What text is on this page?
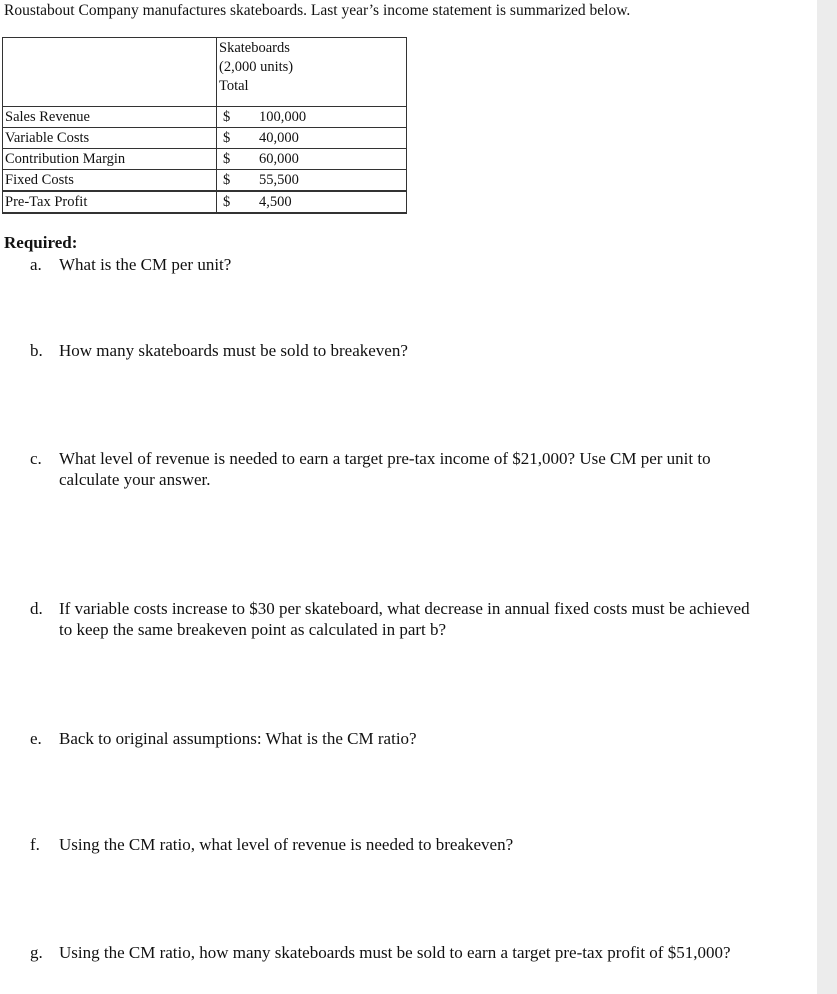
Roustabout Company manufactures skateboards. Last year’s income statement is summarized below.

	Skateboards
(2,000 units)
Total	

Sales Revenue	$	100,000
Variable Costs	$	40,000
Contribution Margin	$	60,000
Fixed Costs	$	55,500
Pre-Tax Profit	$	4,500
Required:
a. What is the CM per unit?
b. How many skateboards must be sold to breakeven?
c. What level of revenue is needed to earn a target pre-tax income of $21,000? Use CM per unit to calculate your answer.
d. If variable costs increase to $30 per skateboard, what decrease in annual fixed costs must be achieved to keep the same breakeven point as calculated in part b?
e. Back to original assumptions: What is the CM ratio?
f. Using the CM ratio, what level of revenue is needed to breakeven?
g. Using the CM ratio, how many skateboards must be sold to earn a target pre-tax profit of $51,000?
